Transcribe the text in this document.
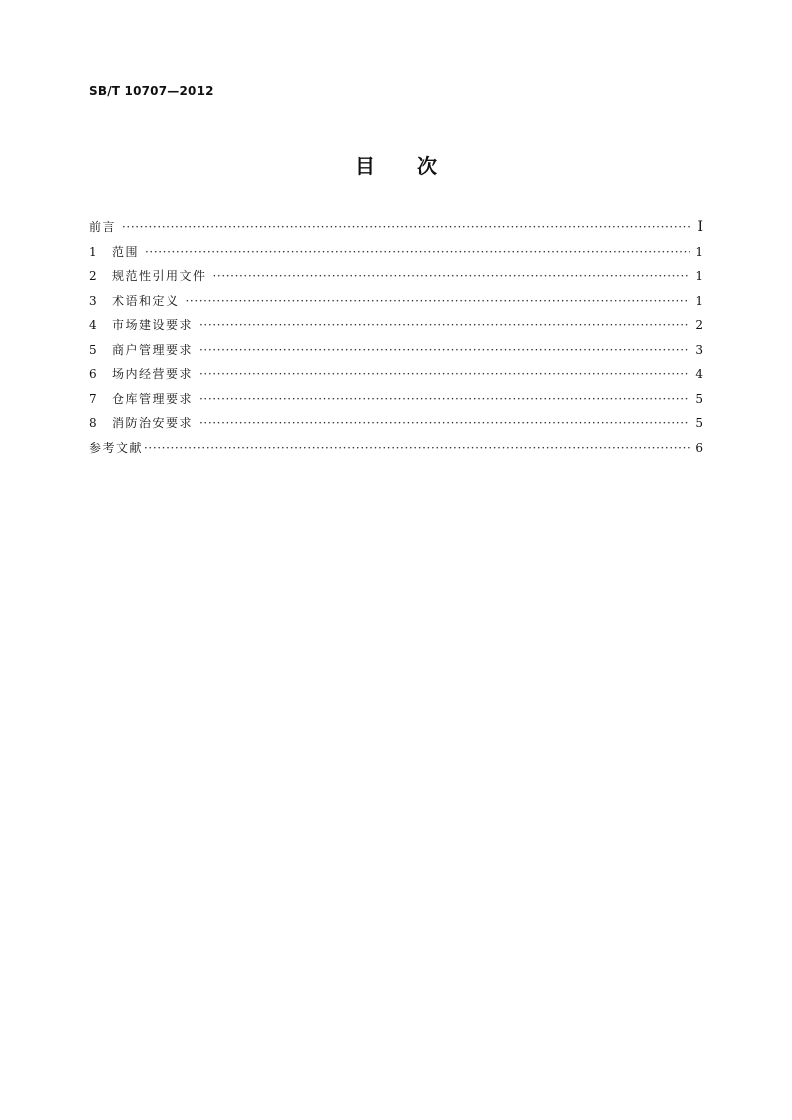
SB/T 10707—2012
目 次
前言 ·····	I
1	范围 ·····	1
2	规范性引用文件 ·····	1
3	术语和定义 ·····	1
4	市场建设要求 ·····	2
5	商户管理要求 ·····	3
6	场内经营要求 ·····	4
7	仓库管理要求 ·····	5
8	消防治安要求 ·····	5
参考文献 ·····	6
